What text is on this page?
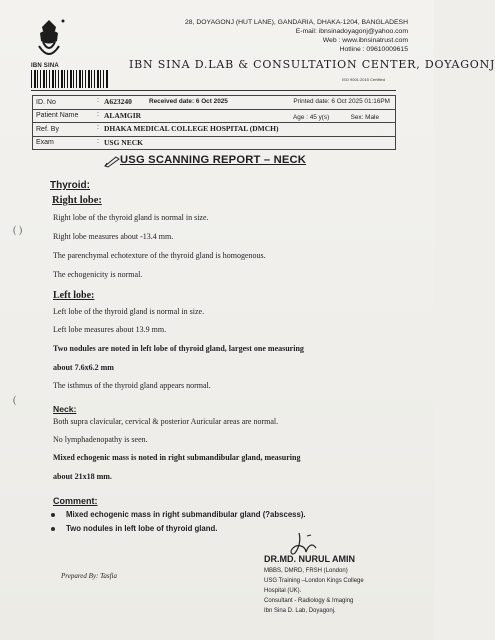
IBN SINA
28, DOYAGONJ (HUT LANE), GANDARIA, DHAKA-1204, BANGLADESH
E-mail: ibnsinadoyagonj@yahoo.com
Web : www.ibnsinatrust.com
Hotline : 09610009615
IBN SINA D.LAB & CONSULTATION CENTER, DOYAGONJ
ISO 9001:2015 Certified
ID. No	: A623240 Received date: 6 Oct 2025 Printed date: 6 Oct 2025 01:16PM

Patient Name	: ALAMGIR Age : 45 y(s) Sex: Male

Ref. By	: DHAKA MEDICAL COLLEGE HOSPITAL (DMCH)

Exam	: USG NECK
USG SCANNING REPORT – NECK
Thyroid:
Right lobe:
Right lobe of the thyroid gland is normal in size.
Right lobe measures about -13.4 mm.
The parenchymal echotexture of the thyroid gland is homogenous.
The echogenicity is normal.
Left lobe:
Left lobe of the thyroid gland is normal in size.
Left lobe measures about 13.9 mm.
Two nodules are noted in left lobe of thyroid gland, largest one measuring
about 7.6x6.2 mm
The isthmus of the thyroid gland appears normal.
Neck:
Both supra clavicular, cervical & posterior Auricular areas are normal.
No lymphadenopathy is seen.
Mixed echogenic mass is noted in right submandibular gland, measuring
about 21x18 mm.
Comment:
Mixed echogenic mass in right submandibular gland (?abscess).
Two nodules in left lobe of thyroid gland.
DR.MD. NURUL AMIN
MBBS, DMRD, FRSH (London)
USG Training –London Kings College
Hospital (UK).
Consultant - Radiology & Imaging
Ibn Sina D. Lab, Doyagonj.
Prepared By: Tasfia
( )
(
